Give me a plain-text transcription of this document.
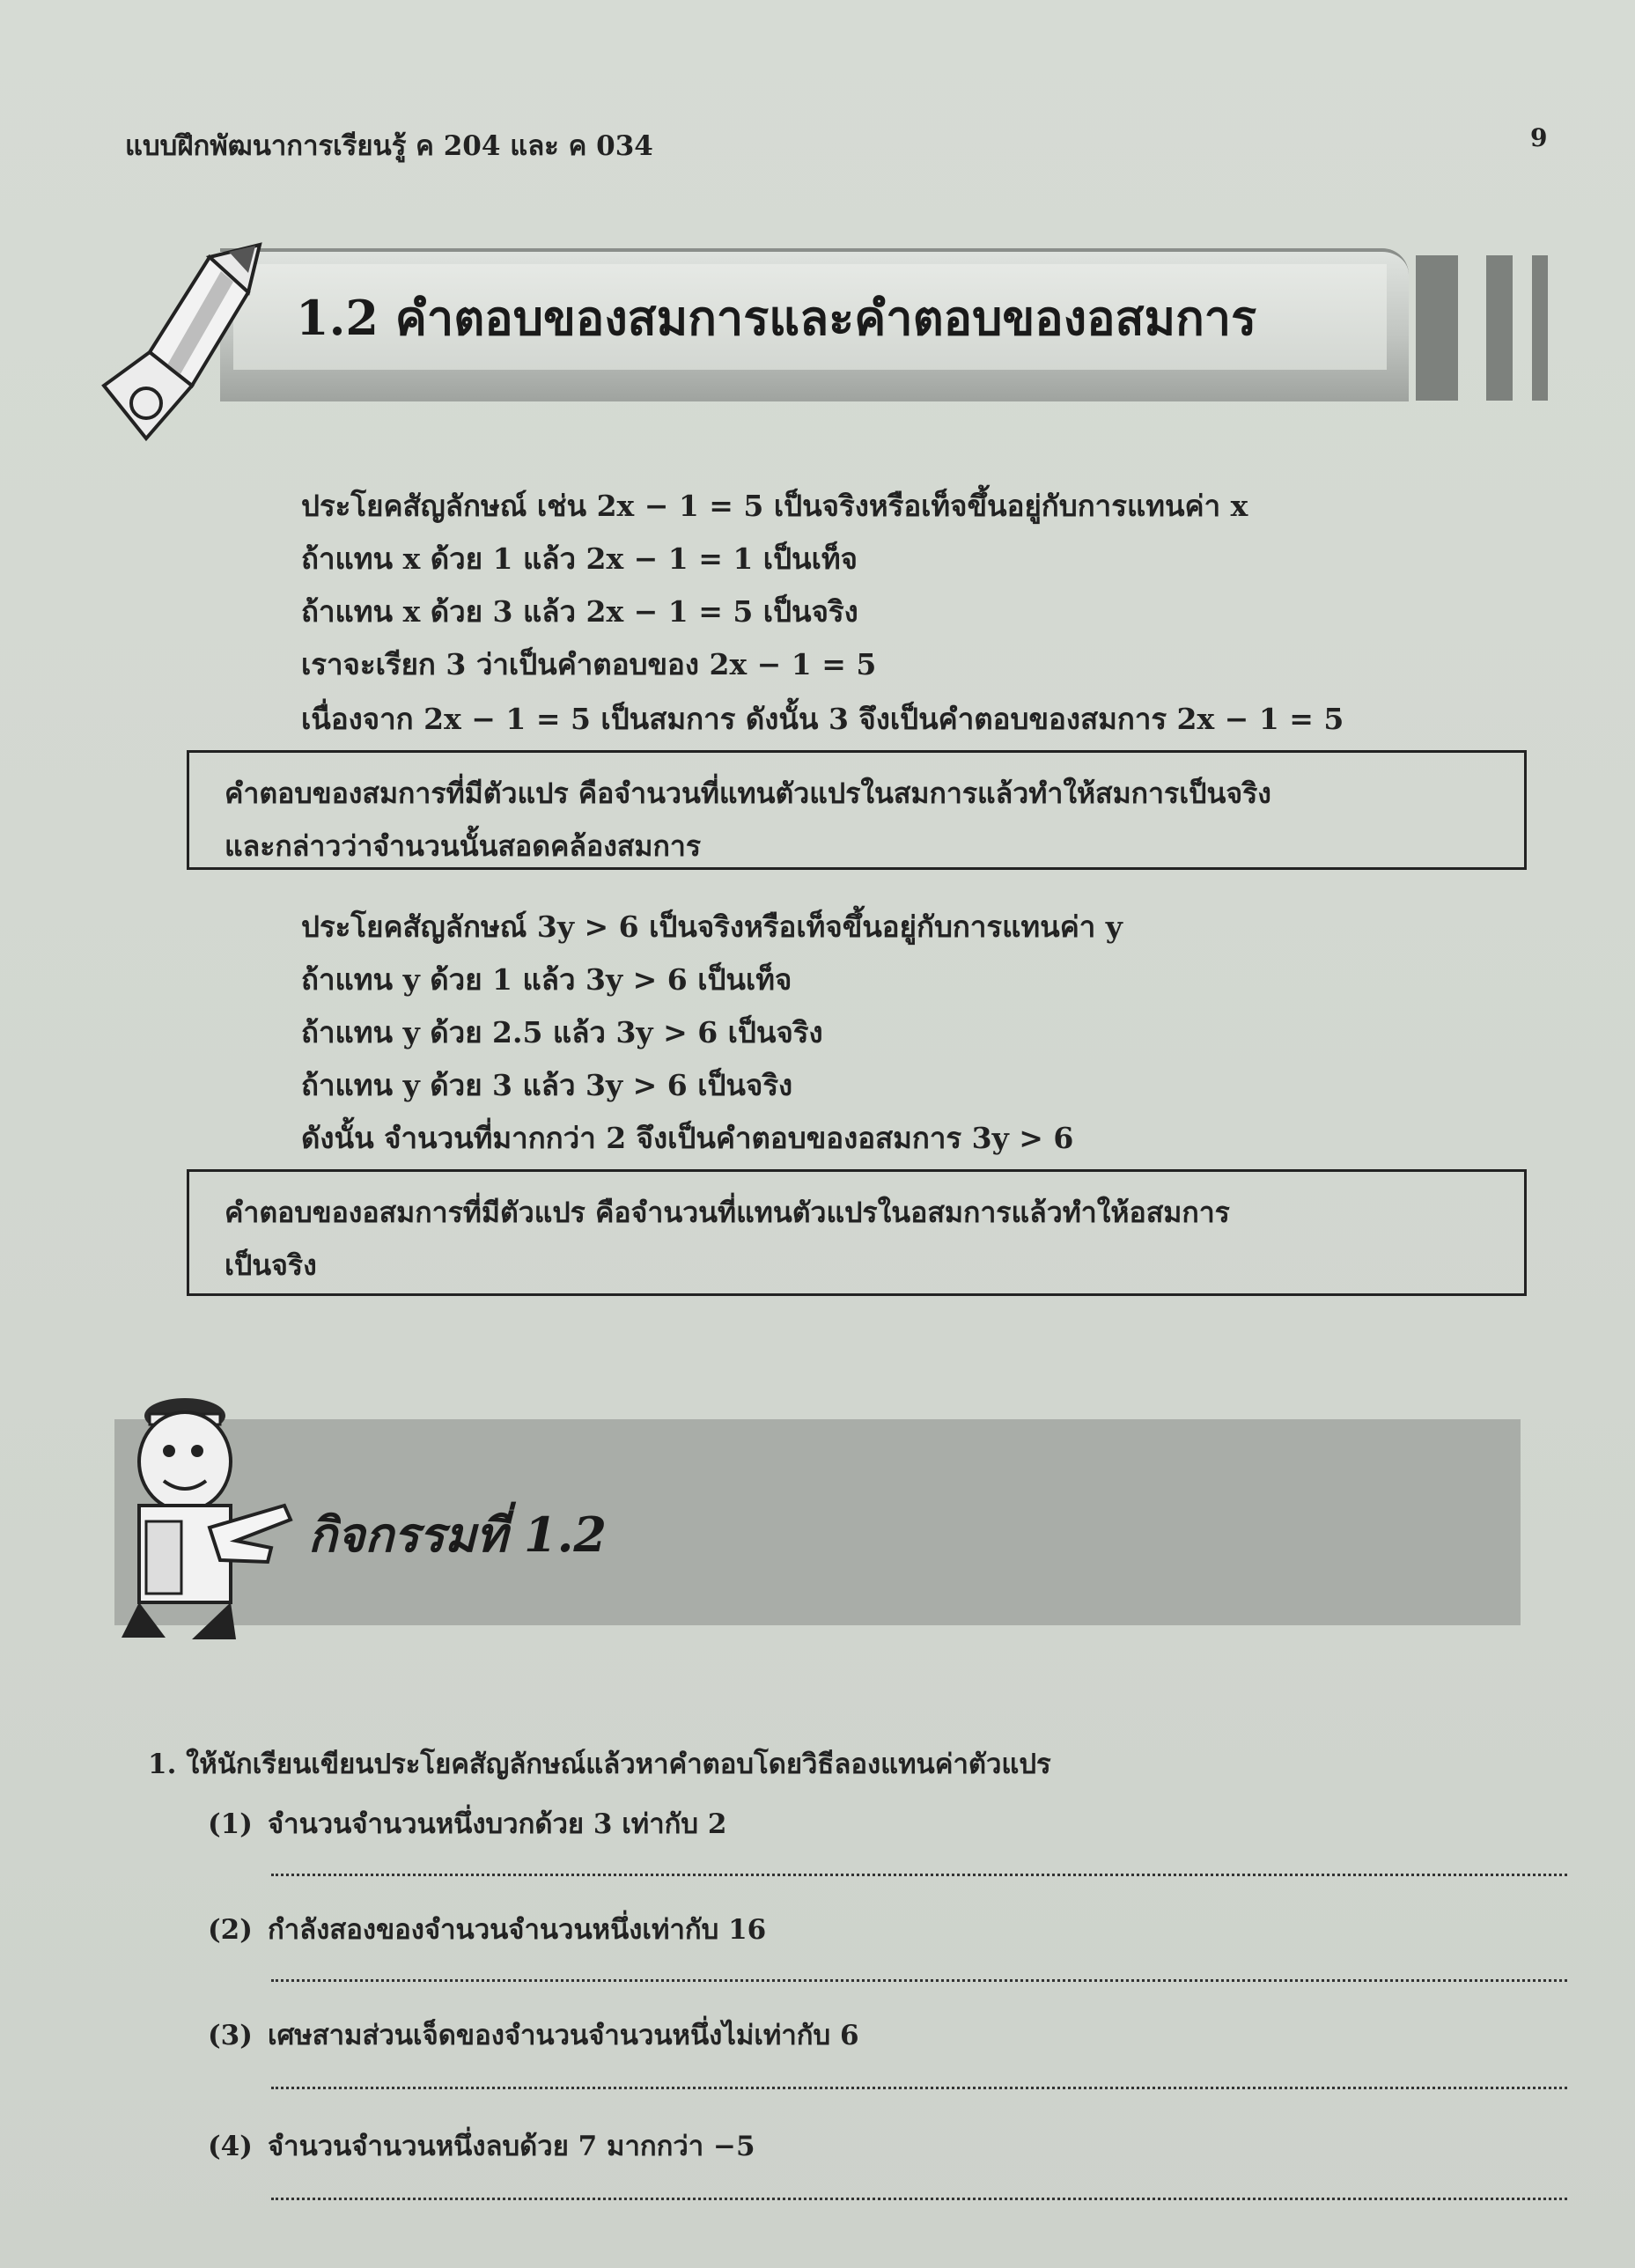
แบบฝึกพัฒนาการเรียนรู้ ค 204 และ ค 034	9
1.2 คำตอบของสมการและคำตอบของอสมการ
ประโยคสัญลักษณ์ เช่น 2x − 1 = 5 เป็นจริงหรือเท็จขึ้นอยู่กับการแทนค่า x
ถ้าแทน x ด้วย 1 แล้ว 2x − 1 = 1 เป็นเท็จ
ถ้าแทน x ด้วย 3 แล้ว 2x − 1 = 5 เป็นจริง
เราจะเรียก 3 ว่าเป็นคำตอบของ 2x − 1 = 5
เนื่องจาก 2x − 1 = 5 เป็นสมการ ดังนั้น 3 จึงเป็นคำตอบของสมการ 2x − 1 = 5
คำตอบของสมการที่มีตัวแปร คือจำนวนที่แทนตัวแปรในสมการแล้วทำให้สมการเป็นจริง
และกล่าวว่าจำนวนนั้นสอดคล้องสมการ
ประโยคสัญลักษณ์ 3y > 6 เป็นจริงหรือเท็จขึ้นอยู่กับการแทนค่า y
ถ้าแทน y ด้วย 1 แล้ว 3y > 6 เป็นเท็จ
ถ้าแทน y ด้วย 2.5 แล้ว 3y > 6 เป็นจริง
ถ้าแทน y ด้วย 3 แล้ว 3y > 6 เป็นจริง
ดังนั้น จำนวนที่มากกว่า 2 จึงเป็นคำตอบของอสมการ 3y > 6
คำตอบของอสมการที่มีตัวแปร คือจำนวนที่แทนตัวแปรในอสมการแล้วทำให้อสมการ
เป็นจริง
กิจกรรมที่ 1.2
1. ให้นักเรียนเขียนประโยคสัญลักษณ์แล้วหาคำตอบโดยวิธีลองแทนค่าตัวแปร
(1) จำนวนจำนวนหนึ่งบวกด้วย 3 เท่ากับ 2
(2) กำลังสองของจำนวนจำนวนหนึ่งเท่ากับ 16
(3) เศษสามส่วนเจ็ดของจำนวนจำนวนหนึ่งไม่เท่ากับ 6
(4) จำนวนจำนวนหนึ่งลบด้วย 7 มากกว่า −5
